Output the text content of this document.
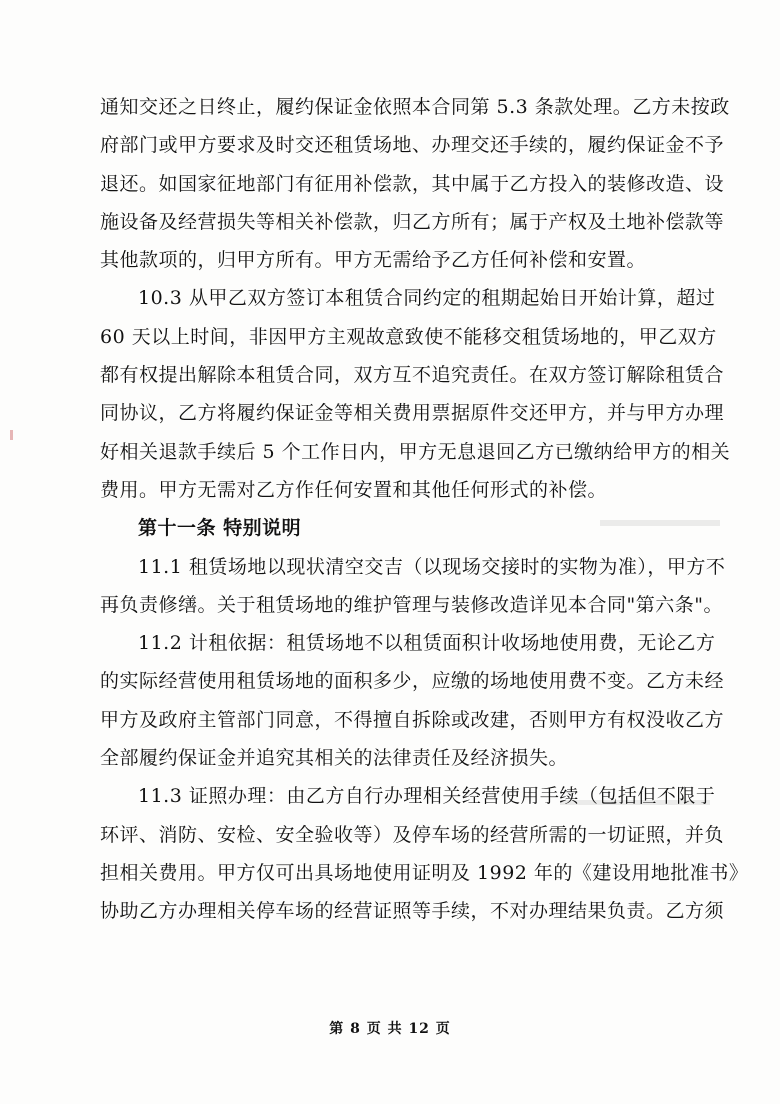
通知交还之日终止，履约保证金依照本合同第 5.3 条款处理。乙方未按政
府部门或甲方要求及时交还租赁场地、办理交还手续的，履约保证金不予
退还。如国家征地部门有征用补偿款，其中属于乙方投入的装修改造、设
施设备及经营损失等相关补偿款，归乙方所有；属于产权及土地补偿款等
其他款项的，归甲方所有。甲方无需给予乙方任何补偿和安置。
10.3 从甲乙双方签订本租赁合同约定的租期起始日开始计算，超过
60 天以上时间，非因甲方主观故意致使不能移交租赁场地的，甲乙双方
都有权提出解除本租赁合同，双方互不追究责任。在双方签订解除租赁合
同协议，乙方将履约保证金等相关费用票据原件交还甲方，并与甲方办理
好相关退款手续后 5 个工作日内，甲方无息退回乙方已缴纳给甲方的相关
费用。甲方无需对乙方作任何安置和其他任何形式的补偿。
第十一条 特别说明
11.1 租赁场地以现状清空交吉（以现场交接时的实物为准），甲方不
再负责修缮。关于租赁场地的维护管理与装修改造详见本合同"第六条"。
11.2 计租依据：租赁场地不以租赁面积计收场地使用费，无论乙方
的实际经营使用租赁场地的面积多少，应缴的场地使用费不变。乙方未经
甲方及政府主管部门同意，不得擅自拆除或改建，否则甲方有权没收乙方
全部履约保证金并追究其相关的法律责任及经济损失。
11.3 证照办理：由乙方自行办理相关经营使用手续（包括但不限于
环评、消防、安检、安全验收等）及停车场的经营所需的一切证照，并负
担相关费用。甲方仅可出具场地使用证明及 1992 年的《建设用地批准书》
协助乙方办理相关停车场的经营证照等手续，不对办理结果负责。乙方须
第 8 页 共 12 页
